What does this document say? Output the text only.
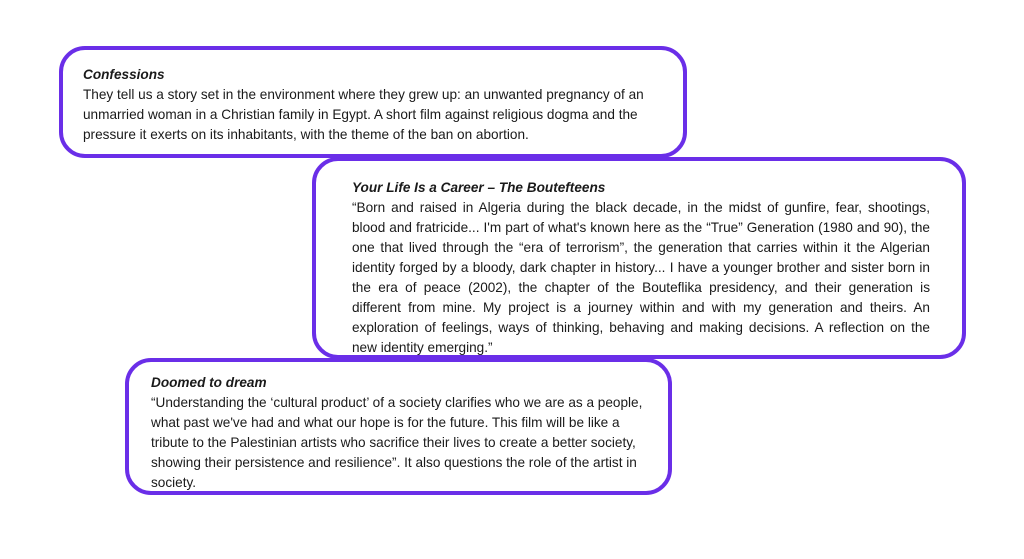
Confessions

They tell us a story set in the environment where they grew up: an unwanted pregnancy of an unmarried woman in a Christian family in Egypt. A short film against religious dogma and the pressure it exerts on its inhabitants, with the theme of the ban on abortion.

Your Life Is a Career – The Boutefteens

“Born and raised in Algeria during the black decade, in the midst of gunfire, fear, shootings, blood and fratricide... I'm part of what's known here as the “True” Generation (1980 and 90), the one that lived through the “era of terrorism”, the generation that carries within it the Algerian identity forged by a bloody, dark chapter in history... I have a younger brother and sister born in the era of peace (2002), the chapter of the Bouteflika presidency, and their generation is different from mine. My project is a journey within and with my generation and theirs. An exploration of feelings, ways of thinking, behaving and making decisions. A reflection on the new identity emerging.”

Doomed to dream

“Understanding the ‘cultural product’ of a society clarifies who we are as a people, what past we've had and what our hope is for the future. This film will be like a tribute to the Palestinian artists who sacrifice their lives to create a better society, showing their persistence and resilience”. It also questions the role of the artist in society.
